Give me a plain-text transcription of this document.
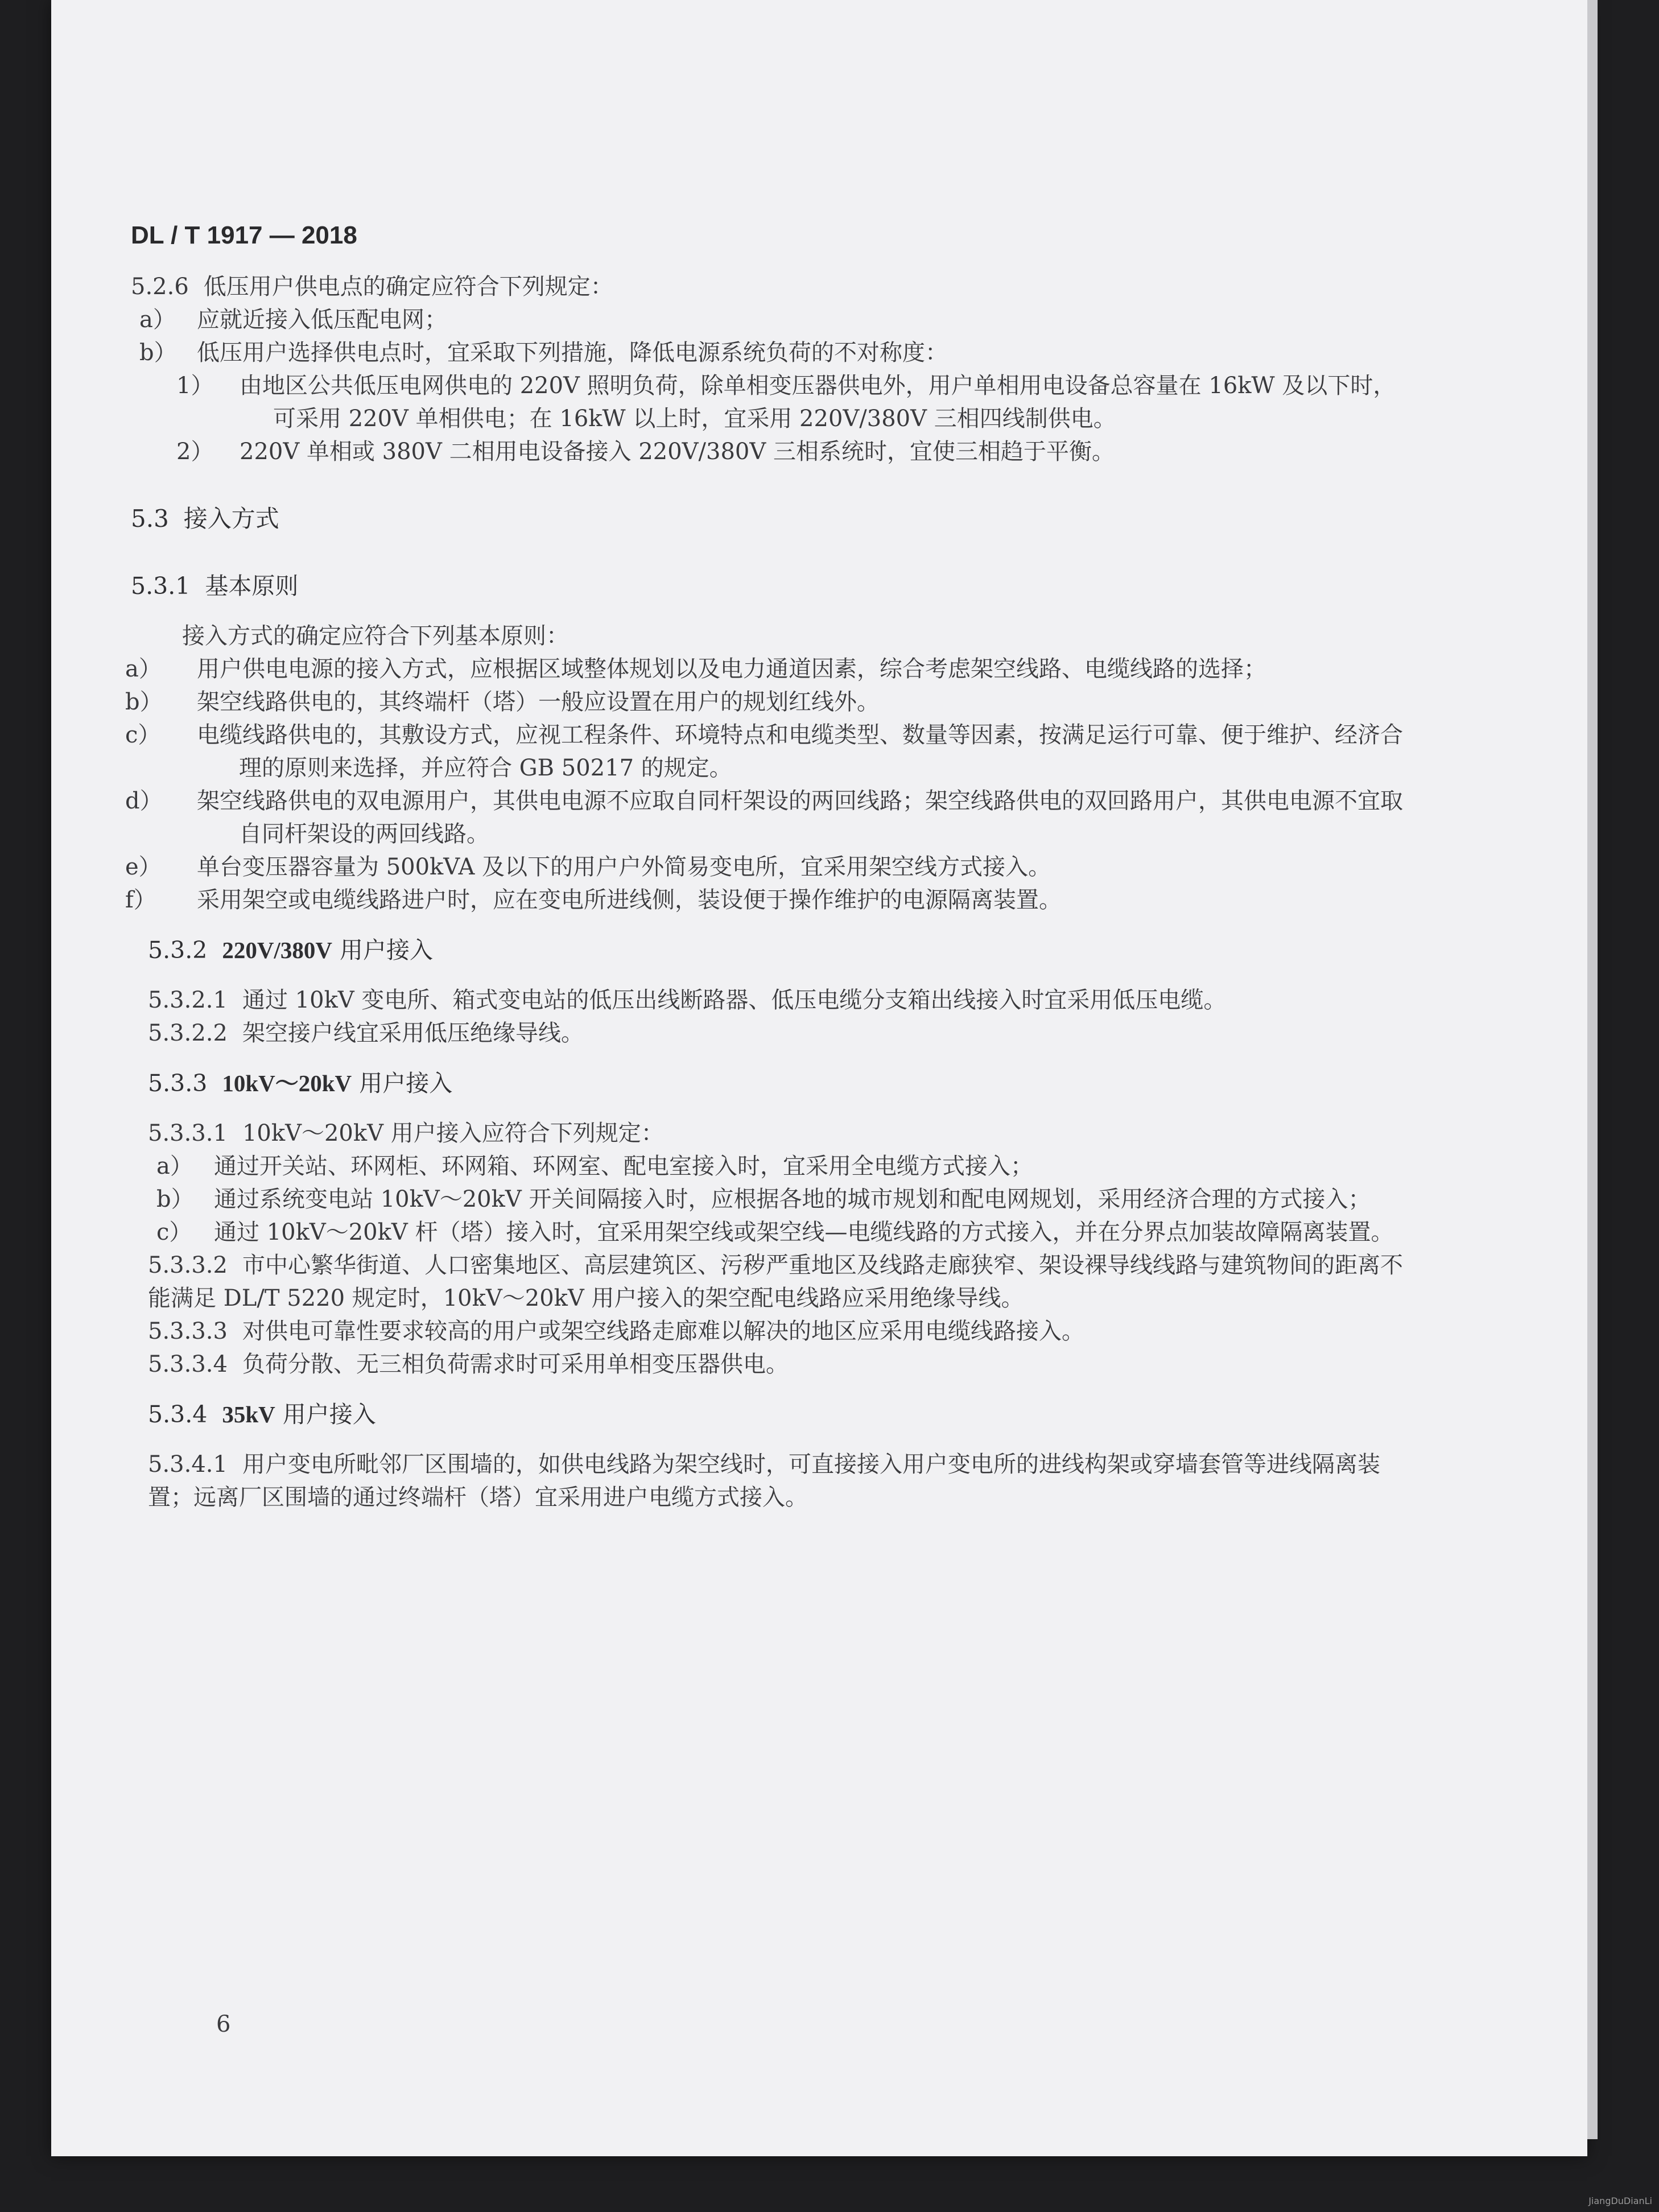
DL / T 1917 — 2018

5.2.6 低压用户供电点的确定应符合下列规定：

a） 应就近接入低压配电网；

b） 低压用户选择供电点时，宜采取下列措施，降低电源系统负荷的不对称度：

1） 由地区公共低压电网供电的 220V 照明负荷，除单相变压器供电外，用户单相用电设备总容量在 16kW 及以下时，可采用 220V 单相供电；在 16kW 以上时，宜采用 220V/380V 三相四线制供电。

2） 220V 单相或 380V 二相用电设备接入 220V/380V 三相系统时，宜使三相趋于平衡。

5.3 接入方式

5.3.1 基本原则

接入方式的确定应符合下列基本原则：

a） 用户供电电源的接入方式，应根据区域整体规划以及电力通道因素，综合考虑架空线路、电缆线路的选择；

b） 架空线路供电的，其终端杆（塔）一般应设置在用户的规划红线外。

c） 电缆线路供电的，其敷设方式，应视工程条件、环境特点和电缆类型、数量等因素，按满足运行可靠、便于维护、经济合理的原则来选择，并应符合 GB 50217 的规定。

d） 架空线路供电的双电源用户，其供电电源不应取自同杆架设的两回线路；架空线路供电的双回路用户，其供电电源不宜取自同杆架设的两回线路。

e） 单台变压器容量为 500kVA 及以下的用户户外简易变电所，宜采用架空线方式接入。

f） 采用架空或电缆线路进户时，应在变电所进线侧，装设便于操作维护的电源隔离装置。

5.3.2 220V/380V 用户接入

5.3.2.1 通过 10kV 变电所、箱式变电站的低压出线断路器、低压电缆分支箱出线接入时宜采用低压电缆。

5.3.2.2 架空接户线宜采用低压绝缘导线。

5.3.3 10kV～20kV 用户接入

5.3.3.1 10kV～20kV 用户接入应符合下列规定：

a） 通过开关站、环网柜、环网箱、环网室、配电室接入时，宜采用全电缆方式接入；

b） 通过系统变电站 10kV～20kV 开关间隔接入时，应根据各地的城市规划和配电网规划，采用经济合理的方式接入；

c） 通过 10kV～20kV 杆（塔）接入时，宜采用架空线或架空线—电缆线路的方式接入，并在分界点加装故障隔离装置。

5.3.3.2 市中心繁华街道、人口密集地区、高层建筑区、污秽严重地区及线路走廊狭窄、架设裸导线线路与建筑物间的距离不能满足 DL/T 5220 规定时，10kV～20kV 用户接入的架空配电线路应采用绝缘导线。

5.3.3.3 对供电可靠性要求较高的用户或架空线路走廊难以解决的地区应采用电缆线路接入。

5.3.3.4 负荷分散、无三相负荷需求时可采用单相变压器供电。

5.3.4 35kV 用户接入

5.3.4.1 用户变电所毗邻厂区围墙的，如供电线路为架空线时，可直接接入用户变电所的进线构架或穿墙套管等进线隔离装置；远离厂区围墙的通过终端杆（塔）宜采用进户电缆方式接入。

6
JiangDuDianLi
